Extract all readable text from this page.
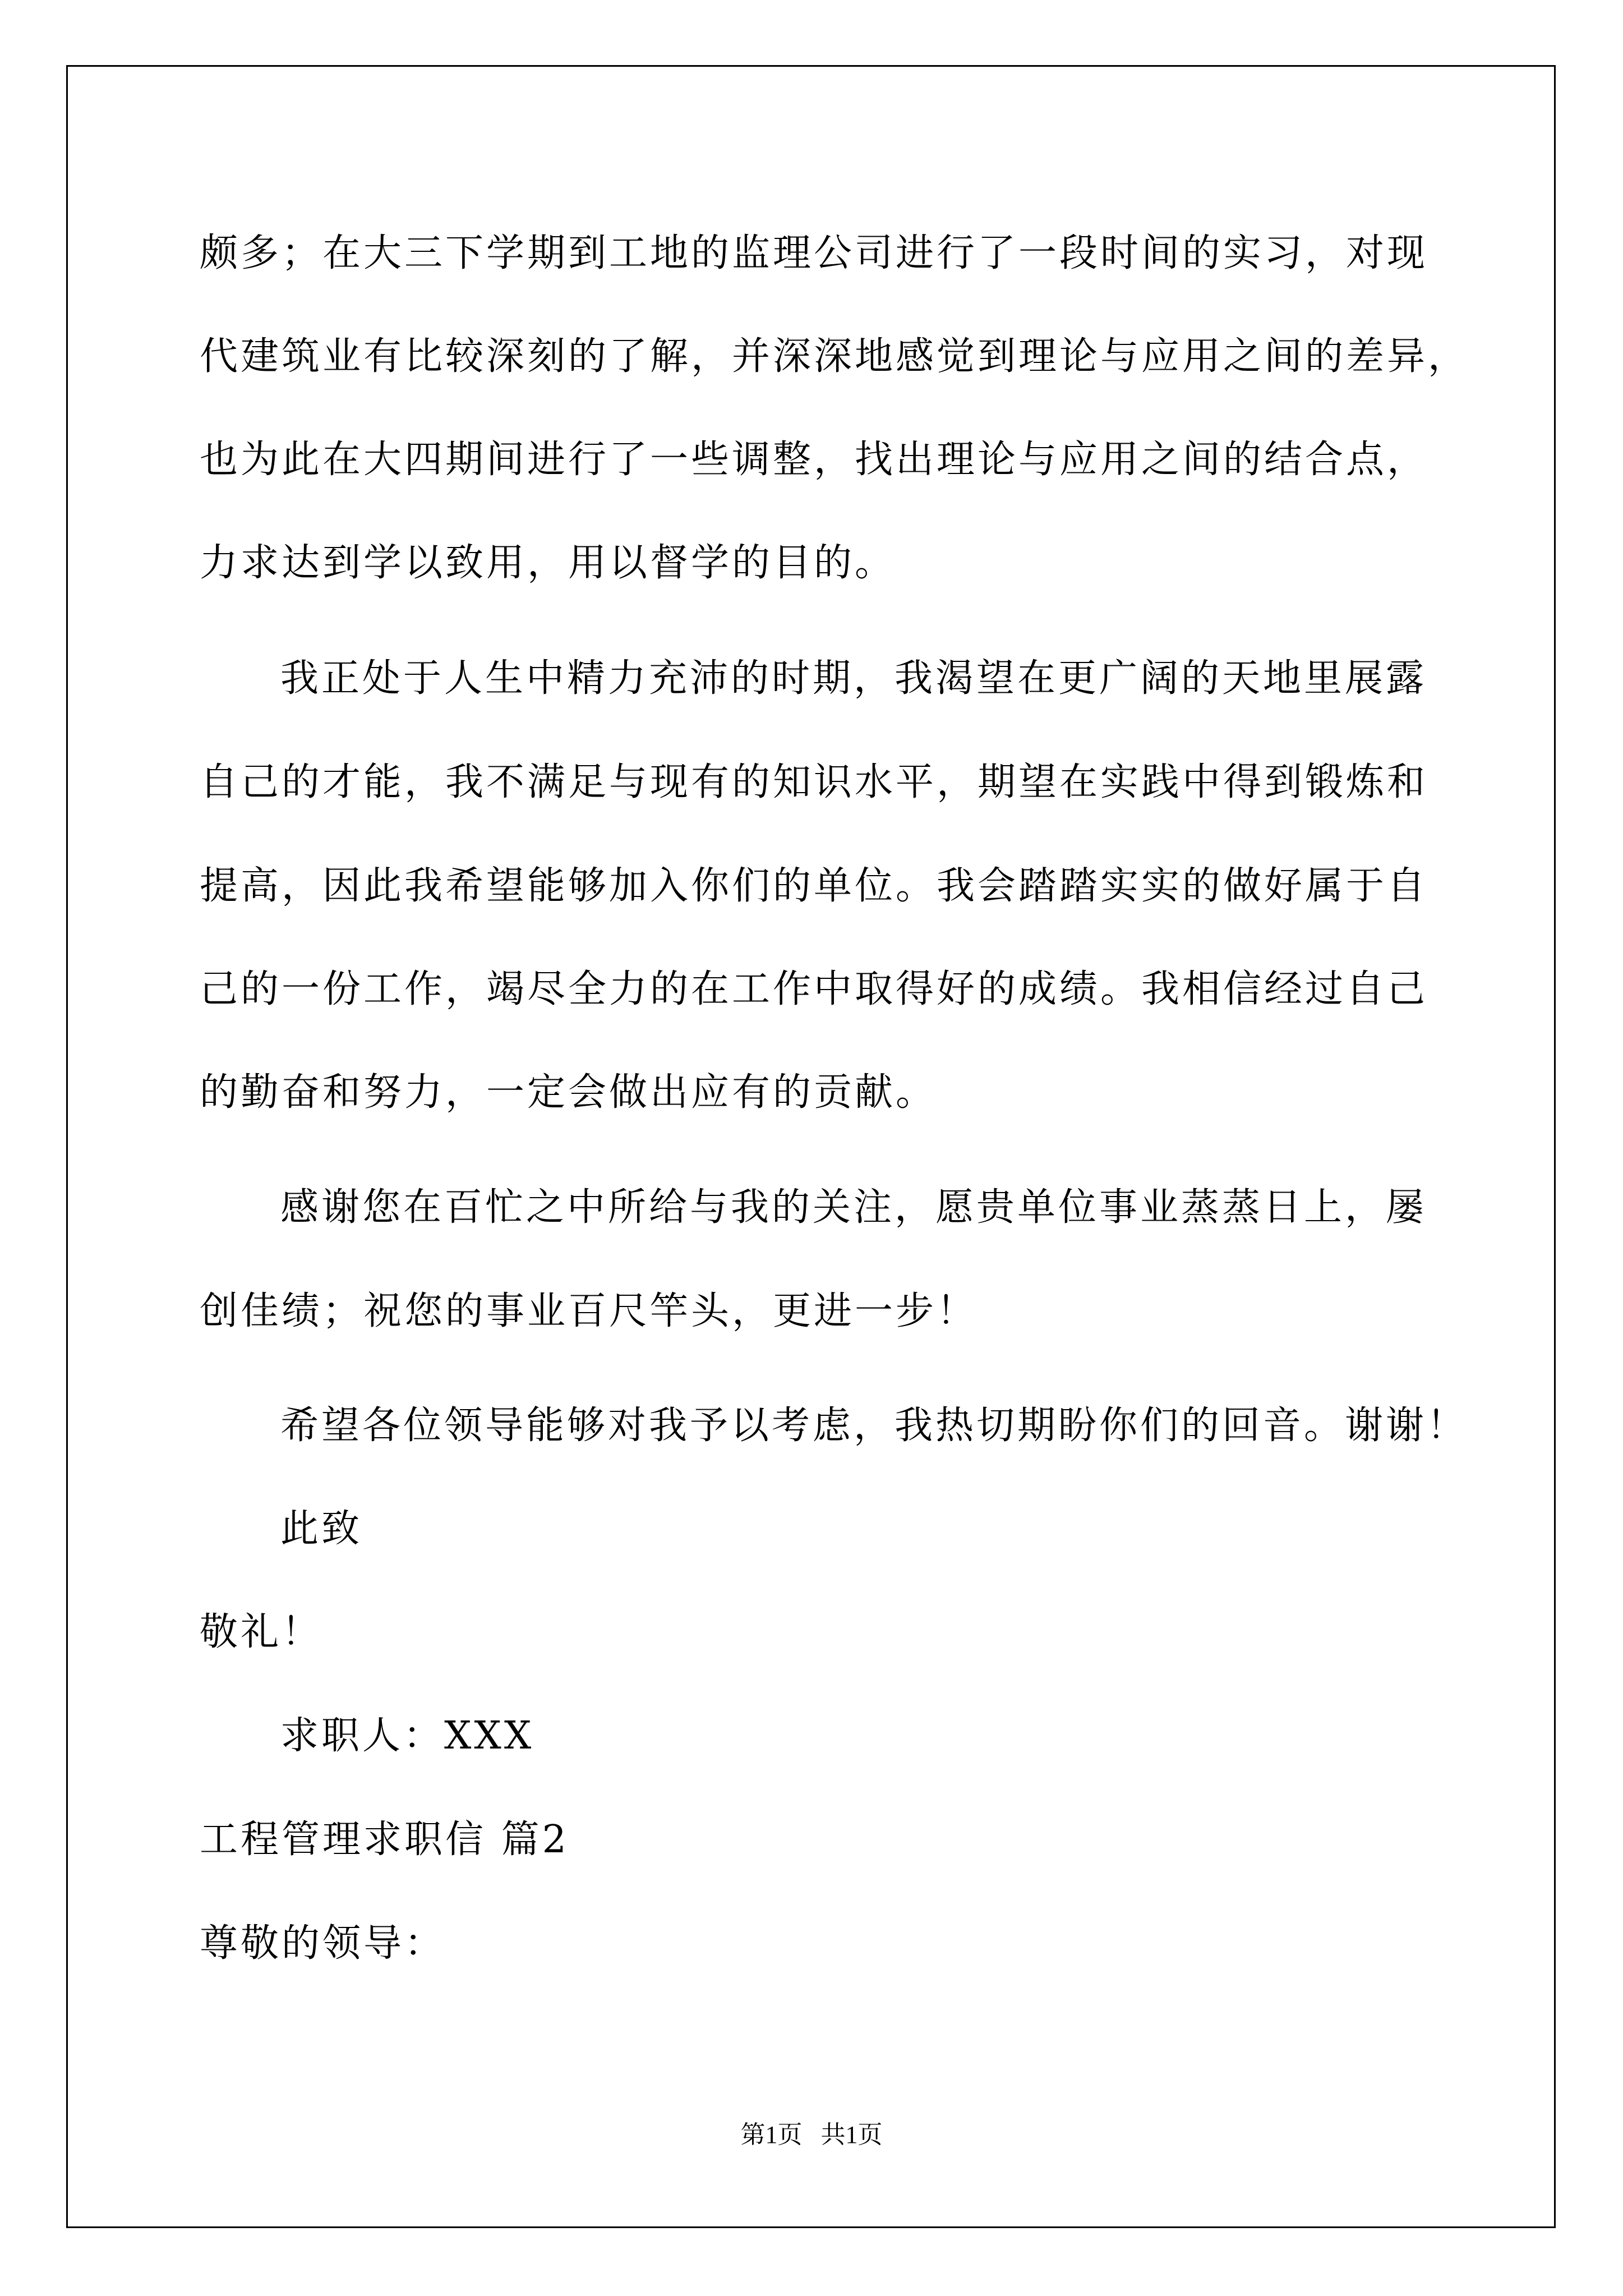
颇多；在大三下学期到工地的监理公司进行了一段时间的实习，对现
代建筑业有比较深刻的了解，并深深地感觉到理论与应用之间的差异，
也为此在大四期间进行了一些调整，找出理论与应用之间的结合点，
力求达到学以致用，用以督学的目的。
我正处于人生中精力充沛的时期，我渴望在更广阔的天地里展露
自己的才能，我不满足与现有的知识水平，期望在实践中得到锻炼和
提高，因此我希望能够加入你们的单位。我会踏踏实实的做好属于自
己的一份工作，竭尽全力的在工作中取得好的成绩。我相信经过自己
的勤奋和努力，一定会做出应有的贡献。
感谢您在百忙之中所给与我的关注，愿贵单位事业蒸蒸日上，屡
创佳绩；祝您的事业百尺竿头，更进一步！
希望各位领导能够对我予以考虑，我热切期盼你们的回音。谢谢！
此致
敬礼！
求职人：XXX
工程管理求职信 篇2
尊敬的领导：
第1页   共1页
